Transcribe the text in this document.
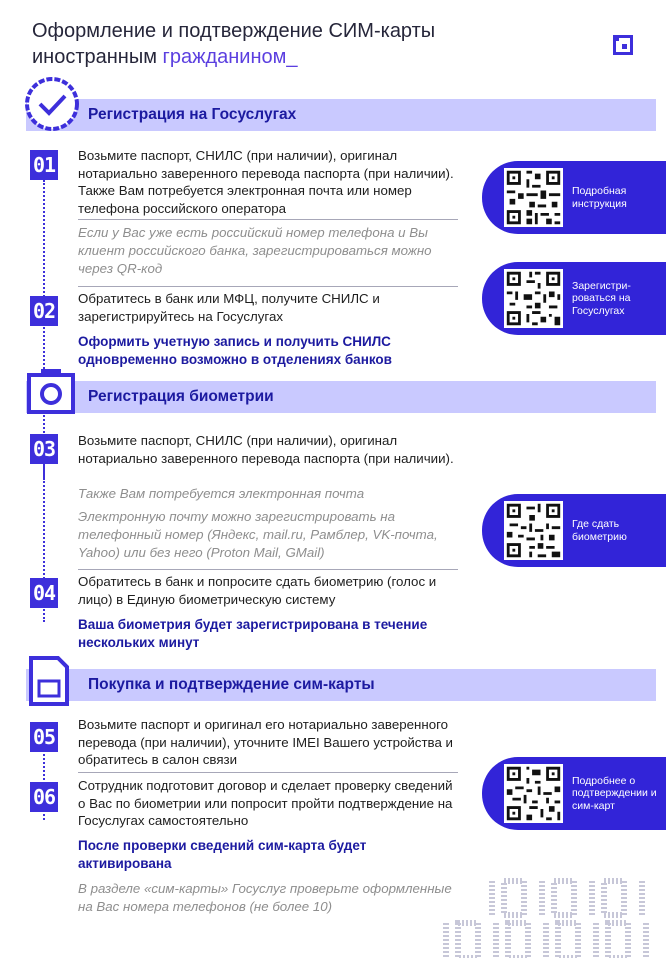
Оформление и подтверждение СИМ-карты
иностранным гражданином_
Регистрация на Госуслугах
01 Возьмите паспорт, СНИЛС (при наличии), оригинал нотариально заверенного перевода паспорта (при наличии). Также Вам потребуется электронная почта или номер телефона российского оператора

Если у Вас уже есть российский номер телефона и Вы клиент российского банка, зарегистрироваться можно через QR-код

02

Обратитесь в банк или МФЦ, получите СНИЛС и зарегистрируйтесь на Госуслугах

Оформить учетную запись и получить СНИЛС одновременно возможно в отделениях банков

Регистрация биометрии
03 Возьмите паспорт, СНИЛС (при наличии), оригинал нотариально заверенного перевода паспорта (при наличии).

Также Вам потребуется электронная почта

Электронную почту можно зарегистрировать на телефонный номер (Яндекс, mail.ru, Рамблер, VK-почта, Yahoo) или без него (Proton Mail, GMail)

04 Обратитесь в банк и попросите сдать биометрию (голос и лицо) в Единую биометрическую систему

Ваша биометрия будет зарегистрирована в течение нескольких минут

Покупка и подтверждение сим-карты
05

Возьмите паспорт и оригинал его нотариально заверенного перевода (при наличии), уточните IMEI Вашего устройства и обратитесь в салон связи

06 Сотрудник подготовит договор и сделает проверку сведений о Вас по биометрии или попросит пройти подтверждение на Госуслугах самостоятельно

После проверки сведений сим-карта будет активирована

В разделе «сим-карты» Госуслуг проверьте оформленные на Вас номера телефонов (не более 10)

Подробная инструкция

Зарегистри-роваться на Госуслугах

Где сдать биометрию

Подробнее о подтверждении и сим-карт
